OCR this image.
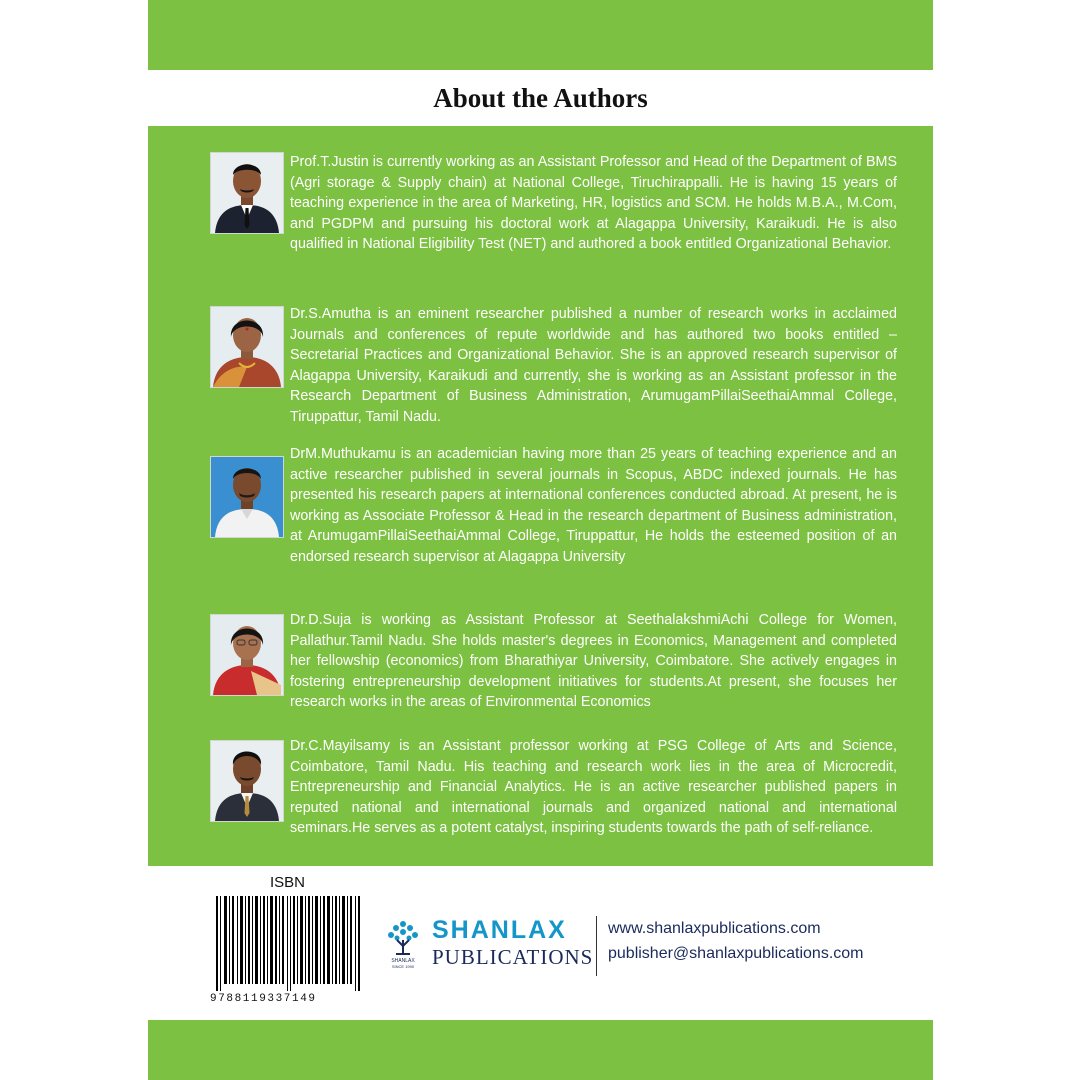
About the Authors

Prof.T.Justin is currently working as an Assistant Professor and Head of the Department of BMS (Agri storage & Supply chain) at National College, Tiruchirappalli. He is having 15 years of teaching experience in the area of Marketing, HR, logistics and SCM. He holds M.B.A., M.Com, and PGDPM and pursuing his doctoral work at Alagappa University, Karaikudi. He is also qualified in National Eligibility Test (NET) and authored a book entitled Organizational Behavior.

Dr.S.Amutha is an eminent researcher published a number of research works in acclaimed Journals and conferences of repute worldwide and has authored two books entitled – Secretarial Practices and Organizational Behavior. She is an approved research supervisor of Alagappa University, Karaikudi and currently, she is working as an Assistant professor in the Research Department of Business Administration, ArumugamPillaiSeethaiAmmal College, Tiruppattur, Tamil Nadu.

DrM.Muthukamu is an academician having more than 25 years of teaching experience and an active researcher published in several journals in Scopus, ABDC indexed journals. He has presented his research papers at international conferences conducted abroad. At present, he is working as Associate Professor & Head in the research department of Business administration, at ArumugamPillaiSeethaiAmmal College, Tiruppattur, He holds the esteemed position of an endorsed research supervisor at Alagappa University

Dr.D.Suja is working as Assistant Professor at SeethalakshmiAchi College for Women, Pallathur.Tamil Nadu. She holds master's degrees in Economics, Management and completed her fellowship (economics) from Bharathiyar University, Coimbatore. She actively engages in fostering entrepreneurship development initiatives for students.At present, she focuses her research works in the areas of Environmental Economics

Dr.C.Mayilsamy is an Assistant professor working at PSG College of Arts and Science, Coimbatore, Tamil Nadu. His teaching and research work lies in the area of Microcredit, Entrepreneurship and Financial Analytics. He is an active researcher published papers in reputed national and international journals and organized national and international seminars.He serves as a potent catalyst, inspiring students towards the path of self-reliance.

ISBN
9788119337149
SHANLAX
SINCE 1990
SHANLAX
PUBLICATIONS
www.shanlaxpublications.com
publisher@shanlaxpublications.com
